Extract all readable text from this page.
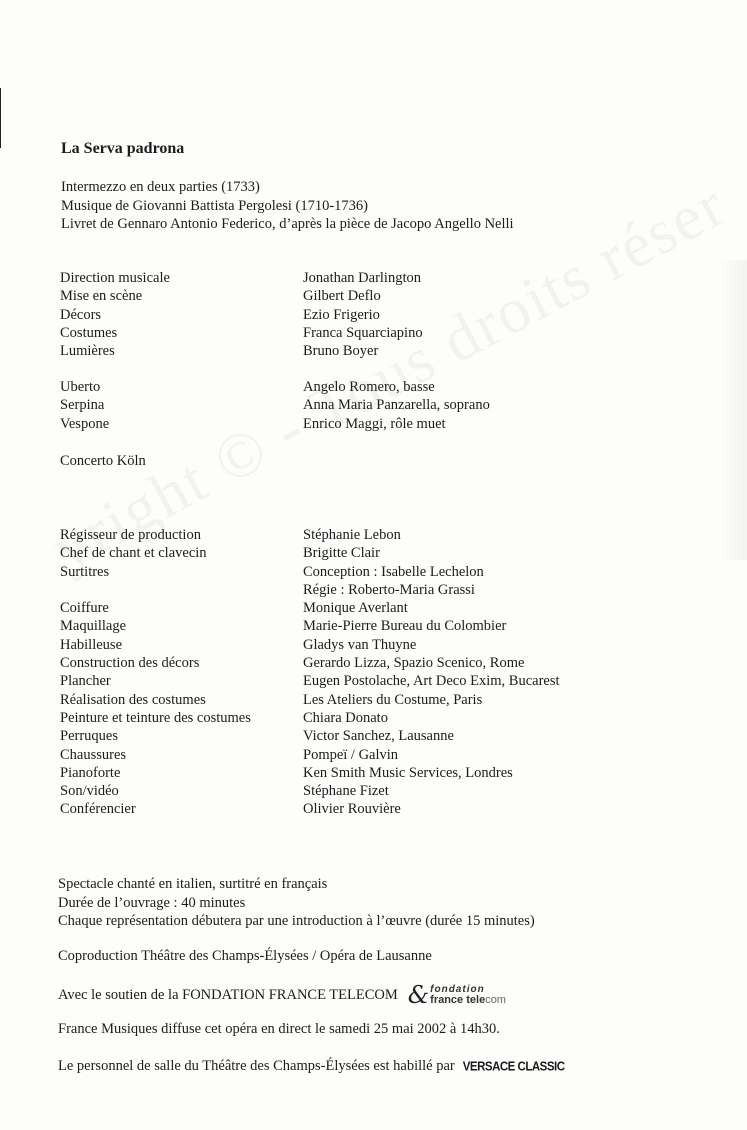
La Serva padrona
Intermezzo en deux parties (1733)
Musique de Giovanni Battista Pergolesi (1710-1736)
Livret de Gennaro Antonio Federico, d’après la pièce de Jacopo Angello Nelli
Direction musicale	Jonathan Darlington
Mise en scène	Gilbert Deflo
Décors	Ezio Frigerio
Costumes	Franca Squarciapino
Lumières	Bruno Boyer
Uberto	Angelo Romero, basse
Serpina	Anna Maria Panzarella, soprano
Vespone	Enrico Maggi, rôle muet
Concerto Köln
Régisseur de production	Stéphanie Lebon
Chef de chant et clavecin	Brigitte Clair
Surtitres	Conception : Isabelle Lechelon
Régie : Roberto-Maria Grassi
Coiffure	Monique Averlant
Maquillage	Marie-Pierre Bureau du Colombier
Habilleuse	Gladys van Thuyne
Construction des décors	Gerardo Lizza, Spazio Scenico, Rome
Plancher	Eugen Postolache, Art Deco Exim, Bucarest
Réalisation des costumes	Les Ateliers du Costume, Paris
Peinture et teinture des costumes	Chiara Donato
Perruques	Victor Sanchez, Lausanne
Chaussures	Pompeï / Galvin
Pianoforte	Ken Smith Music Services, Londres
Son/vidéo	Stéphane Fizet
Conférencier	Olivier Rouvière
Spectacle chanté en italien, surtitré en français
Durée de l’ouvrage : 40 minutes
Chaque représentation débutera par une introduction à l’œuvre (durée 15 minutes)
Coproduction Théâtre des Champs-Élysées / Opéra de Lausanne
Avec le soutien de la FONDATION FRANCE TELECOM & fondation
france telecom
France Musiques diffuse cet opéra en direct le samedi 25 mai 2002 à 14h30.
Le personnel de salle du Théâtre des Champs-Élysées est habillé par VERSACE CLASSIC
